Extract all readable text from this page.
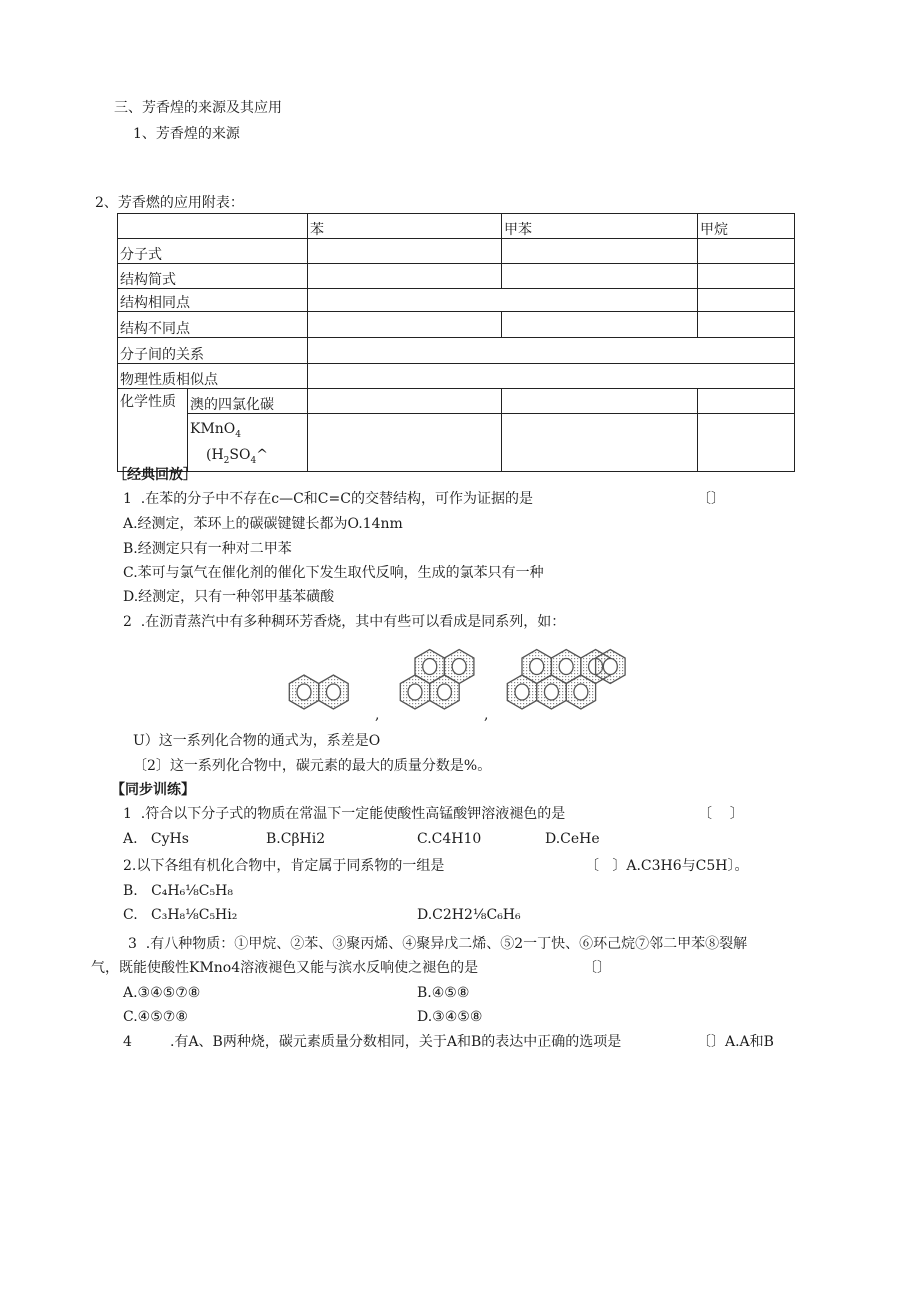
三、芳香煌的来源及其应用
1、芳香煌的来源
2、芳香燃的应用附表：
		苯	甲苯	甲烷
分子式				
结构简式				
结构相同点				
结构不同点				
分子间的关系				
物理性质相似点				
化学性质	澳的四氯化碳			

	KMnO$_4$
($H_2SO_4\^{}$			

［经典回放］
1  .在苯的分子中不存在c—C和C=C的交替结构，可作为证据的是	〔〕
A.经测定，苯环上的碳碳键键长都为O.14nm
B.经测定只有一种对二甲苯
C.苯可与氯气在催化剂的催化下发生取代反响，生成的氯苯只有一种
D.经测定，只有一种邻甲基苯磺酸
2  .在沥青蒸汽中有多种稠环芳香烧，其中有些可以看成是同系列，如：
,	,
U）这一系列化合物的通式为，系差是O
〔2〕这一系列化合物中，碳元素的最大的质量分数是%。
【同步训练】
1  .符合以下分子式的物质在常温下一定能使酸性高锰酸钾溶液褪色的是	〔    〕
A.   CyHs	B.CβHi2	C.C4H10	D.CeHe
2.以下各组有机化合物中，肯定属于同系物的一组是	〔   〕A.C3H6与C5H〕。
B.   C₄H₆⅛C₅H₈
C.   C₃H₈⅛C₅Hi₂	D.C2H2⅛C₆H₆
3  .有八种物质：①甲烷、②苯、③聚丙烯、④聚异戊二烯、⑤2一丁快、⑥环己烷⑦邻二甲苯⑧裂解
气，既能使酸性KMno4溶液褪色又能与滨水反响使之褪色的是	〔〕
A.③④⑤⑦⑧	B.④⑤⑧
C.④⑤⑦⑧	D.③④⑤⑧
4	.有A、B两种烧，碳元素质量分数相同，关于A和B的表达中正确的选项是	〔〕A.A和B
